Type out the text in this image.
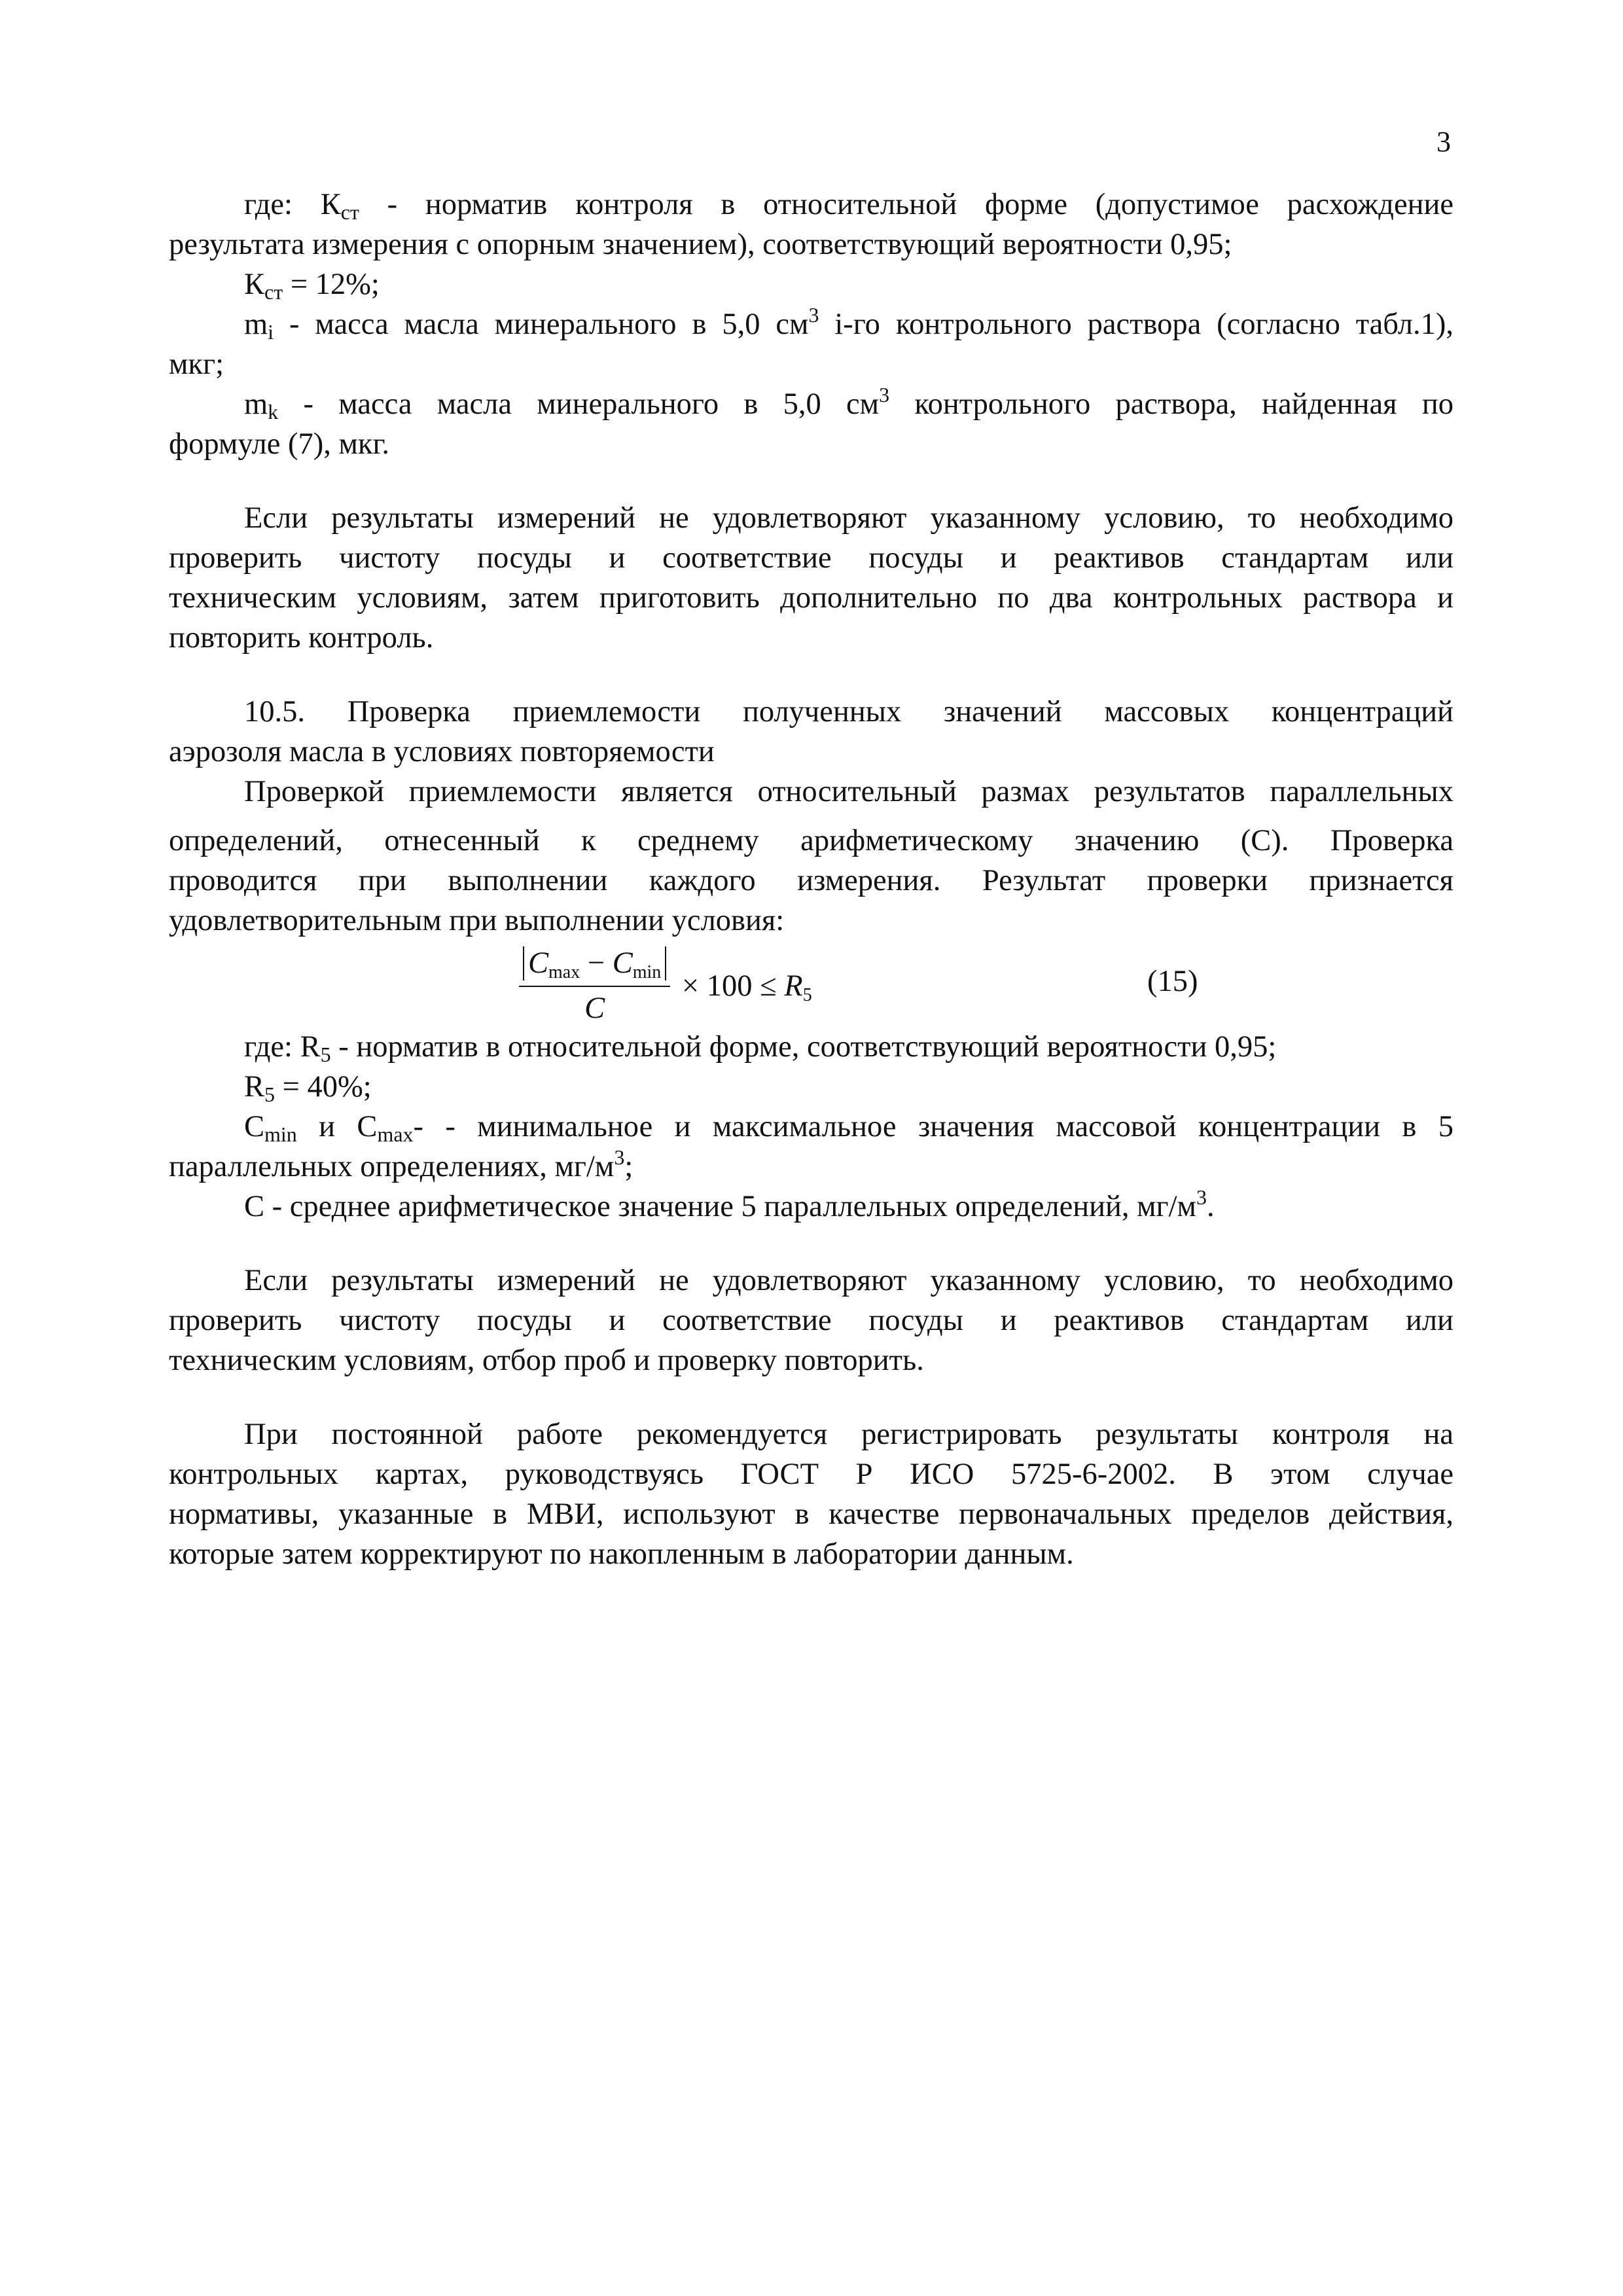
3

где: $К_{ст}$ - норматив контроля в относительной форме (допустимое расхождение

результата измерения с опорным значением), соответствующий вероятности 0,95;

$К_{ст} = 12\%$;

$m_i$ - масса масла минерального в 5,0 $см^3$ i-го контрольного раствора (согласно табл.1),

мкг;

$m_k$ - масса масла минерального в 5,0 $см^3$ контрольного раствора, найденная по

формуле (7), мкг.

Если результаты измерений не удовлетворяют указанному условию, то необходимо

проверить чистоту посуды и соответствие посуды и реактивов стандартам или

техническим условиям, затем приготовить дополнительно по два контрольных раствора и

повторить контроль.

10.5. Проверка приемлемости полученных значений массовых концентраций

аэрозоля масла в условиях повторяемости

Проверкой приемлемости является относительный размах результатов параллельных

определений, отнесенный к среднему арифметическому значению (С). Проверка

проводится при выполнении каждого измерения. Результат проверки признается

удовлетворительным при выполнении условия:

$\frac{Cmax - Cmin}{C} \times 100 \le R5$	(15)

где: $R_5$ - норматив в относительной форме, соответствующий вероятности 0,95;

$R_5 = 40\%$;

$C_{min}$ и $C_{max}-$ - минимальное и максимальное значения массовой концентрации в 5

параллельных определениях, $мг/м^3$;

С - среднее арифметическое значение 5 параллельных определений, $мг/м^3$.

Если результаты измерений не удовлетворяют указанному условию, то необходимо

проверить чистоту посуды и соответствие посуды и реактивов стандартам или

техническим условиям, отбор проб и проверку повторить.

При постоянной работе рекомендуется регистрировать результаты контроля на

контрольных картах, руководствуясь ГОСТ Р ИСО 5725-6-2002. В этом случае

нормативы, указанные в МВИ, используют в качестве первоначальных пределов действия,

которые затем корректируют по накопленным в лаборатории данным.
